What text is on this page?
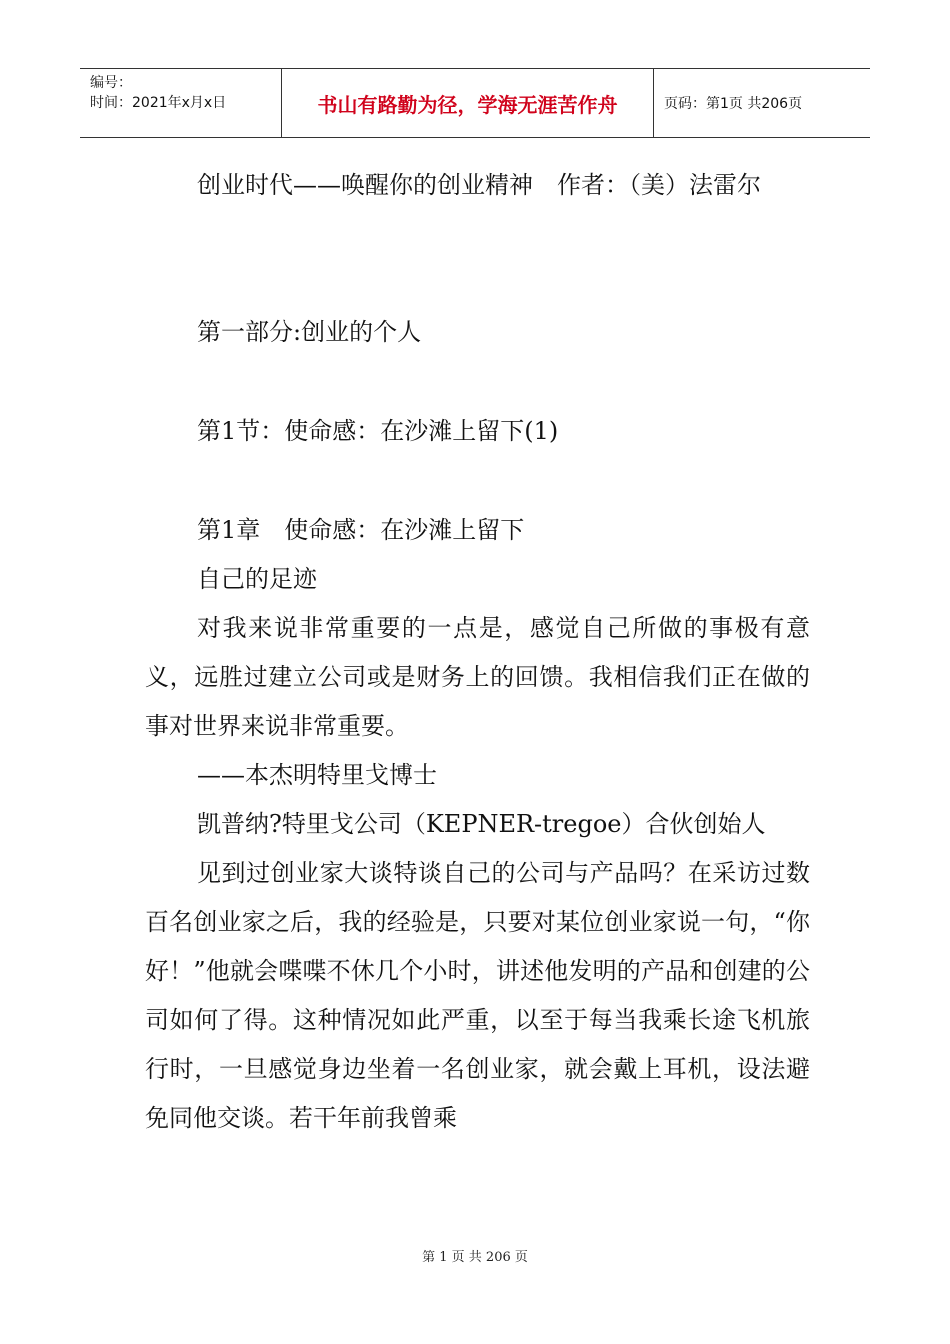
编号：
时间：2021年x月x日	书山有路勤为径，学海无涯苦作舟	页码：第1页 共206页

创业时代——唤醒你的创业精神　作者：（美）法雷尔

第一部分:创业的个人

第1节：使命感：在沙滩上留下(1)

第1章　使命感：在沙滩上留下

自己的足迹

对我来说非常重要的一点是，感觉自己所做的事极有意义，远胜过建立公司或是财务上的回馈。我相信我们正在做的事对世界来说非常重要。

——本杰明特里戈博士

凯普纳?特里戈公司（KEPNER-tregoe）合伙创始人

见到过创业家大谈特谈自己的公司与产品吗？在采访过数百名创业家之后，我的经验是，只要对某位创业家说一句，“你好！”他就会喋喋不休几个小时，讲述他发明的产品和创建的公司如何了得。这种情况如此严重，以至于每当我乘长途飞机旅行时，一旦感觉身边坐着一名创业家，就会戴上耳机，设法避免同他交谈。若干年前我曾乘

第 1 页 共 206 页
